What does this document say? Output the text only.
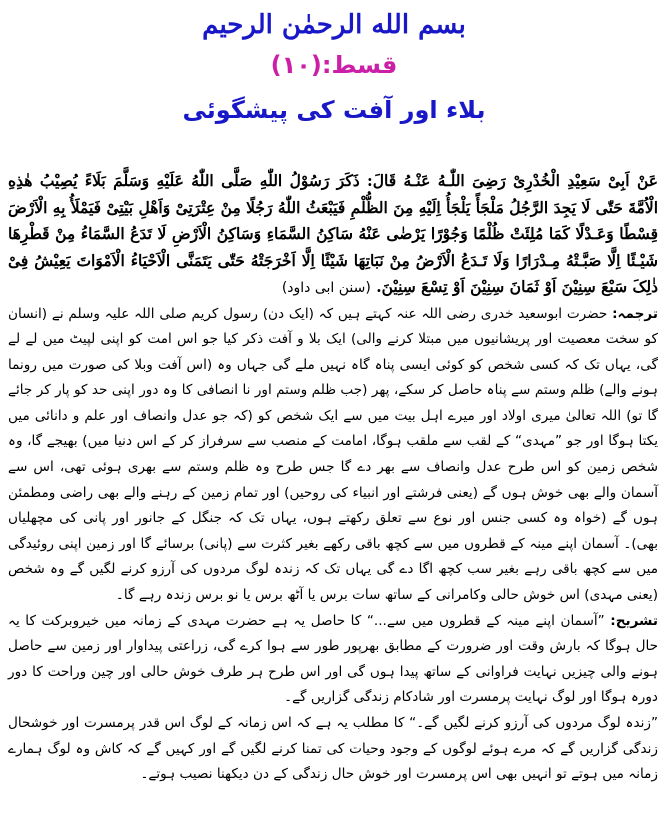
بسم الله الرحمٰن الرحيم
قسط:(۱۰)
بلاء اور آفت کی پیشگوئی

عَنْ اَبِیْ سَعِیْدِ الْخُدْرِیْ رَضِیَ اللّٰـهُ عَنْـهُ قَالَ: ذَکَرَ رَسُوْلُ اللّٰهِ صَلَّی اللّٰهُ عَلَیْهِ وَسَلَّمَ بَلَاءً یُصِیْبُ هٰذِهِ الْاُمَّةَ حَتّٰی لَا یَجِدَ الرَّجُلُ مَلْجَأً یَلْجَأُ اِلَیْهِ مِنَ الظُّلْمِ فَیَبْعَثُ اللّٰهُ رَجُلًا مِنْ عِتْرَتِیْ وَاَهْلِ بَیْتِیْ فَیَمْلَأُ بِهِ الْاَرْضَ قِسْطًا وَعَـدْلًا کَمَا مُلِئَتْ ظُلْمًا وَجُوْرًا یَرْضٰی عَنْهُ سَاکِنُ السَّمَاءِ وَسَاکِنُ الْاَرْضِ لَا تَدَعُ السَّمَاءُ مِنْ قَطْرِهَا شَیْـئًا اِلَّا صَبَّـتْهُ مِـدْرَارًا وَلَا تَـدَعُ الْاَرْضُ مِنْ نَبَاتِهَا شَیْئًا اِلَّا اَخْرَجَتْهُ حَتّٰی یَتَمَنَّی الْاَحْیَاءُ الْاَمْوَاتَ یَعِیْشُ فِیْ ذٰلِکَ سَبْعَ سِنِیْنَ اَوْ ثَمَانَ سِنِیْنَ اَوْ تِسْعَ سِنِیْنَ. (سنن ابی داود)

ترجمہ: حضرت ابوسعید خدری رضی اللہ عنہ کہتے ہیں کہ (ایک دن) رسول کریم صلی اللہ علیہ وسلم نے (انسان کو سخت معصیت اور پریشانیوں میں مبتلا کرنے والی) ایک بلا و آفت ذکر کیا جو اس امت کو اپنی لپیٹ میں لے لے گی، یہاں تک کہ کسی شخص کو کوئی ایسی پناہ گاہ نہیں ملے گی جہاں وہ (اس آفت وبلا کی صورت میں رونما ہونے والے) ظلم وستم سے پناہ حاصل کر سکے، پھر (جب ظلم وستم اور نا انصافی کا وہ دور اپنی حد کو پار کر جائے گا تو) اللہ تعالیٰ میری اولاد اور میرے اہل بیت میں سے ایک شخص کو (کہ جو عدل وانصاف اور علم و دانائی میں یکتا ہوگا اور جو ”مہدی“ کے لقب سے ملقب ہوگا، امامت کے منصب سے سرفراز کر کے اس دنیا میں) بھیجے گا، وہ شخص زمین کو اس طرح عدل وانصاف سے بھر دے گا جس طرح وہ ظلم وستم سے بھری ہوئی تھی، اس سے آسمان والے بھی خوش ہوں گے (یعنی فرشتے اور انبیاء کی روحیں) اور تمام زمین کے رہنے والے بھی راضی ومطمئن ہوں گے (خواہ وہ کسی جنس اور نوع سے تعلق رکھتے ہوں، یہاں تک کہ جنگل کے جانور اور پانی کی مچھلیاں بھی)۔ آسمان اپنے مینہ کے قطروں میں سے کچھ باقی رکھے بغیر کثرت سے (پانی) برسائے گا اور زمین اپنی روئیدگی میں سے کچھ باقی رہے بغیر سب کچھ اگا دے گی یہاں تک کہ زندہ لوگ مردوں کی آرزو کرنے لگیں گے وہ شخص (یعنی مہدی) اس خوش حالی وکامرانی کے ساتھ سات برس یا آٹھ برس یا نو برس زندہ رہے گا۔

تشریح: ”آسمان اپنے مینہ کے قطروں میں سے...“ کا حاصل یہ ہے حضرت مہدی کے زمانہ میں خیروبرکت کا یہ حال ہوگا کہ بارش وقت اور ضرورت کے مطابق بھرپور طور سے ہوا کرے گی، زراعتی پیداوار اور زمین سے حاصل ہونے والی چیزیں نہایت فراوانی کے ساتھ پیدا ہوں گی اور اس طرح ہر طرف خوش حالی اور چین وراحت کا دور دورہ ہوگا اور لوگ نہایت پرمسرت اور شادکام زندگی گزاریں گے۔

”زندہ لوگ مردوں کی آرزو کرنے لگیں گے۔“ کا مطلب یہ ہے کہ اس زمانہ کے لوگ اس قدر پرمسرت اور خوشحال زندگی گزاریں گے کہ مرے ہوئے لوگوں کے وجود وحیات کی تمنا کرنے لگیں گے اور کہیں گے کہ کاش وہ لوگ ہمارے زمانہ میں ہوتے تو انہیں بھی اس پرمسرت اور خوش حال زندگی کے دن دیکھنا نصیب ہوتے۔
